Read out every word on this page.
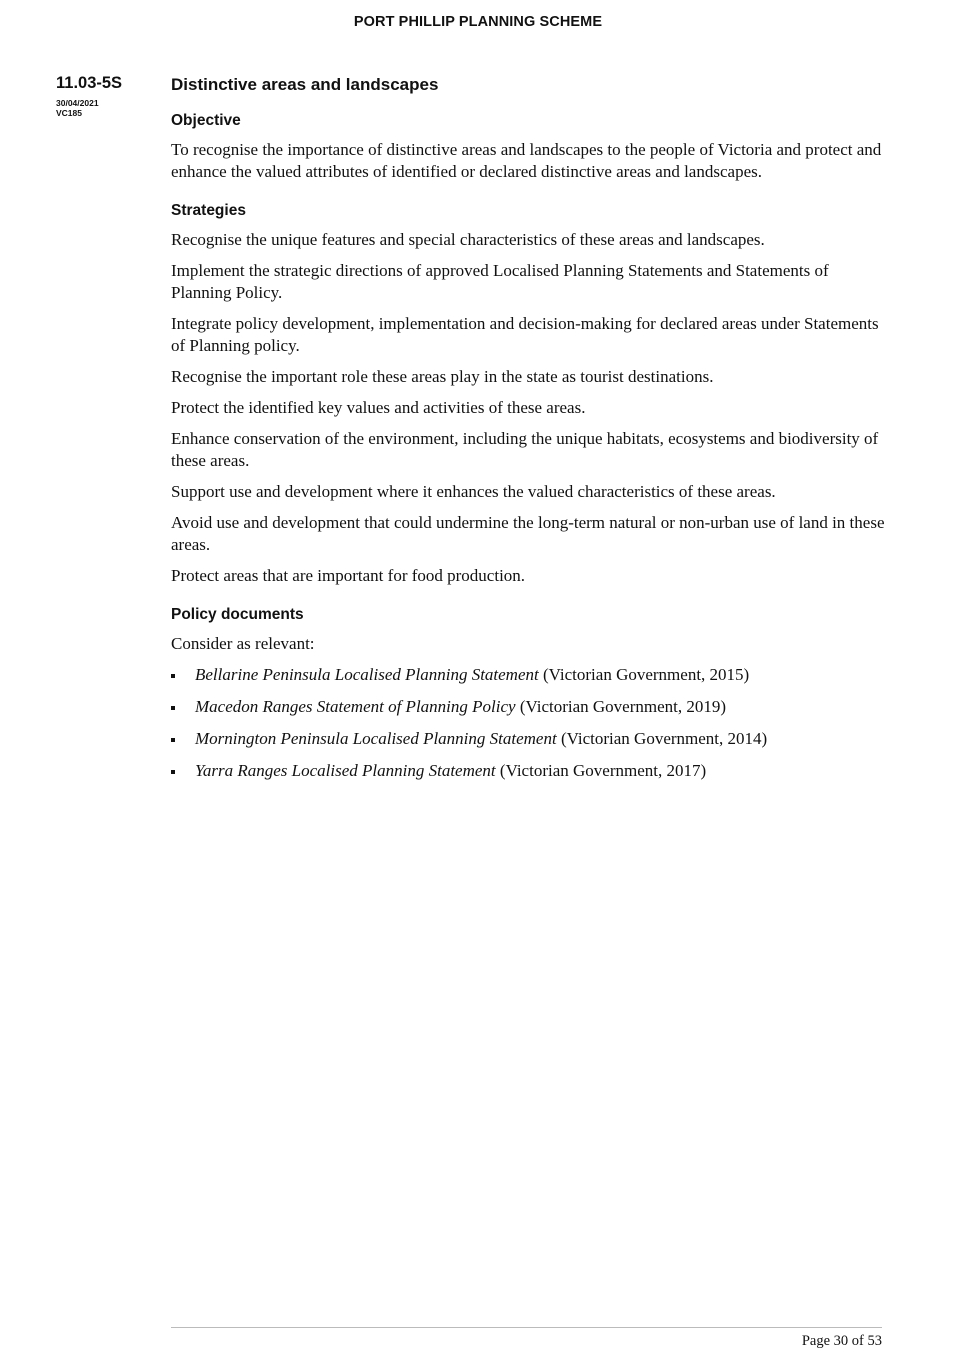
PORT PHILLIP PLANNING SCHEME
11.03-5S
30/04/2021
VC185
Distinctive areas and landscapes
Objective

To recognise the importance of distinctive areas and landscapes to the people of Victoria and protect and enhance the valued attributes of identified or declared distinctive areas and landscapes.

Strategies

Recognise the unique features and special characteristics of these areas and landscapes.

Implement the strategic directions of approved Localised Planning Statements and Statements of Planning Policy.

Integrate policy development, implementation and decision-making for declared areas under Statements of Planning policy.

Recognise the important role these areas play in the state as tourist destinations.

Protect the identified key values and activities of these areas.

Enhance conservation of the environment, including the unique habitats, ecosystems and biodiversity of these areas.

Support use and development where it enhances the valued characteristics of these areas.

Avoid use and development that could undermine the long-term natural or non-urban use of land in these areas.

Protect areas that are important for food production.

Policy documents

Consider as relevant:

Bellarine Peninsula Localised Planning Statement (Victorian Government, 2015)
Macedon Ranges Statement of Planning Policy (Victorian Government, 2019)
Mornington Peninsula Localised Planning Statement (Victorian Government, 2014)
Yarra Ranges Localised Planning Statement (Victorian Government, 2017)
Page 30 of 53
